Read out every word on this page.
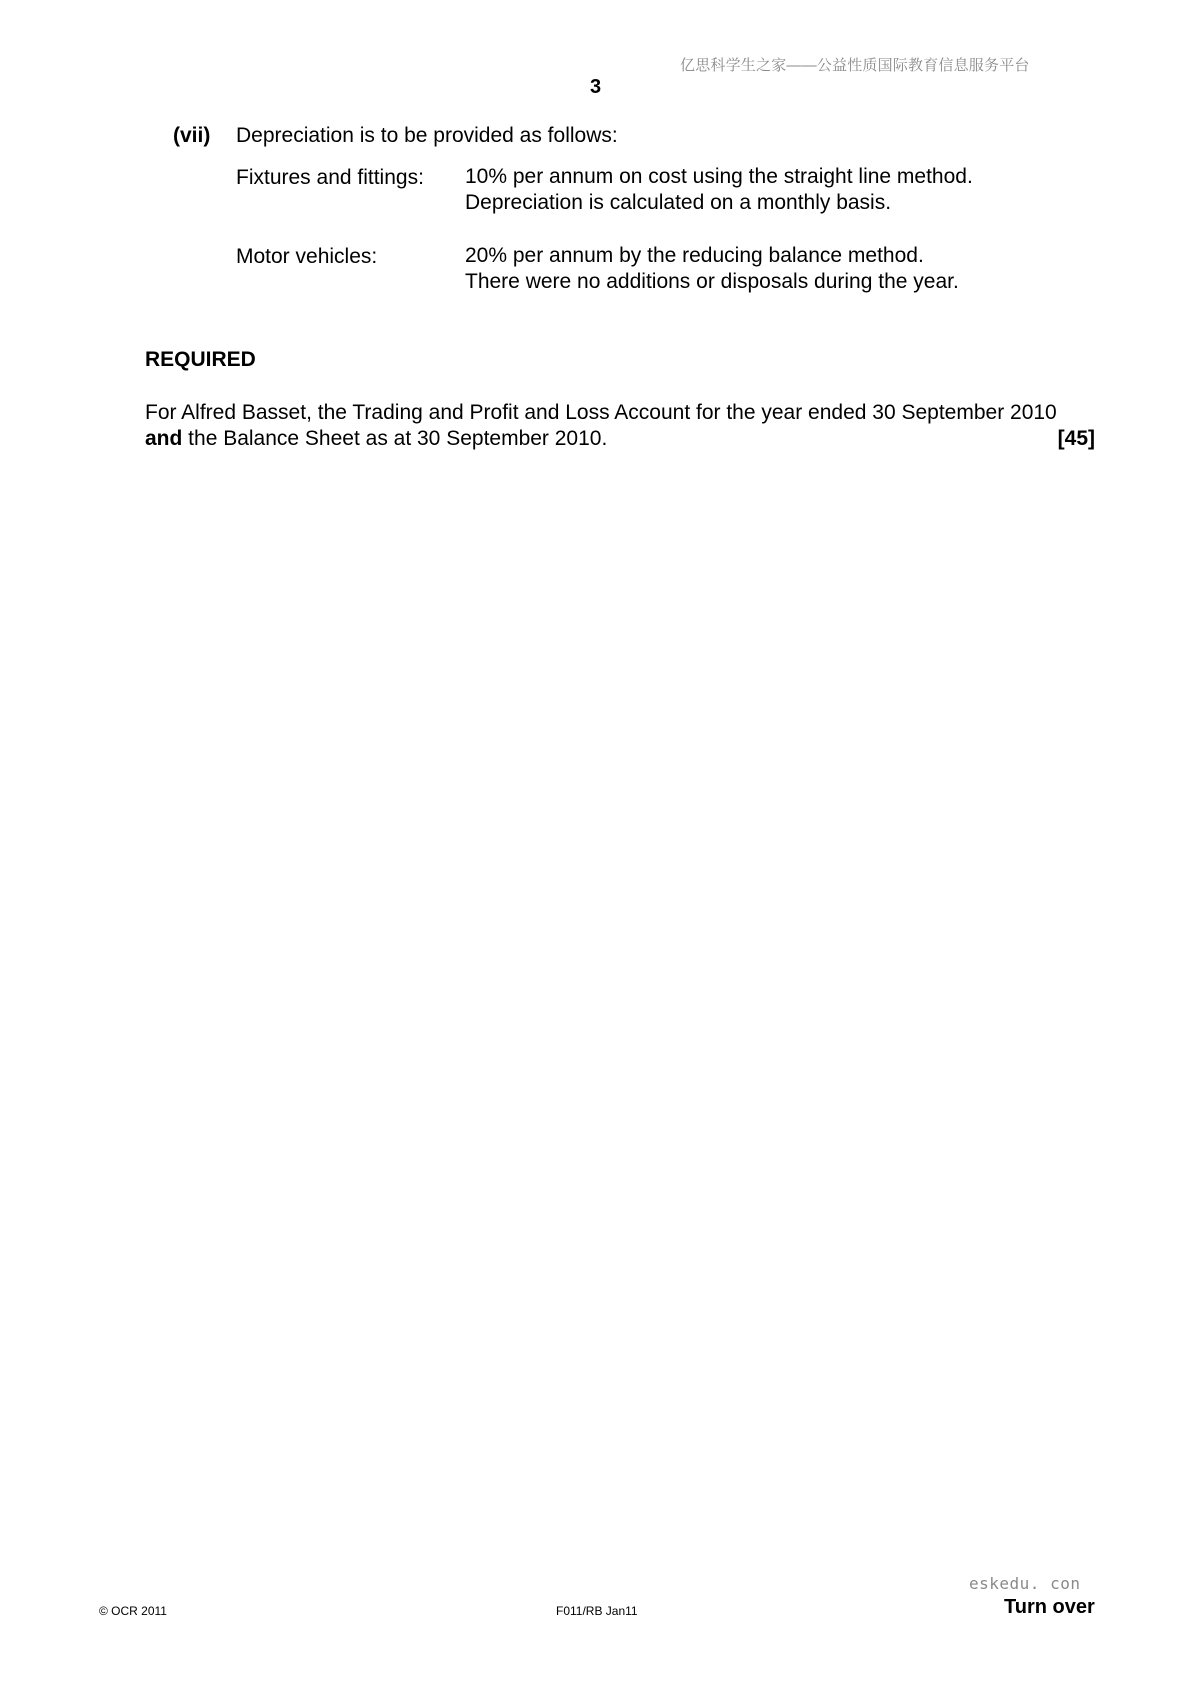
亿思科学生之家——公益性质国际教育信息服务平台
3
(vii) Depreciation is to be provided as follows:
Fixtures and fittings: 10% per annum on cost using the straight line method.
Depreciation is calculated on a monthly basis.
Motor vehicles:	20% per annum by the reducing balance method.
There were no additions or disposals during the year.
REQUIRED
For Alfred Basset, the Trading and Profit and Loss Account for the year ended 30 September 2010
and the Balance Sheet as at 30 September 2010.	[45]
© OCR 2011	F011/RB Jan11
eskedu. con
Turn over
